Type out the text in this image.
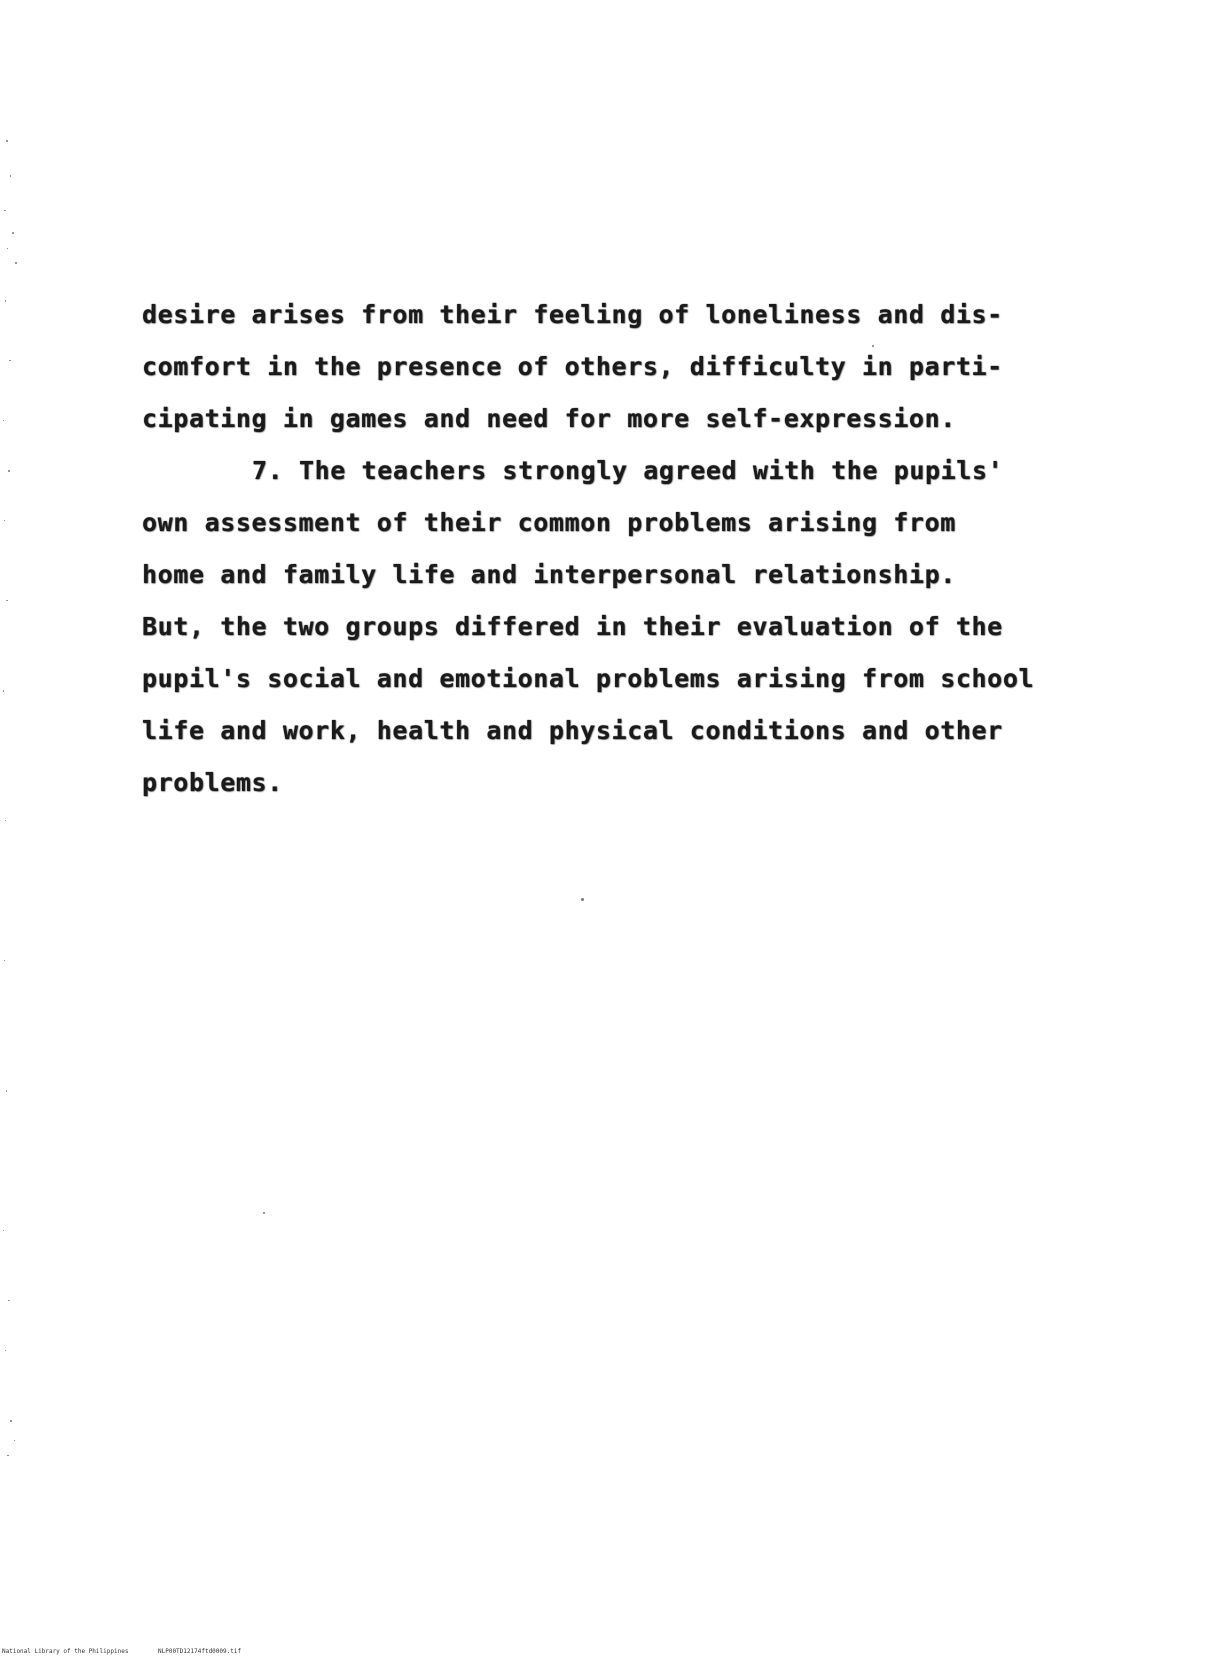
desire arises from their feeling of loneliness and dis-
comfort in the presence of others, difficulty in parti-
cipating in games and need for more self-expression.
7. The teachers strongly agreed with the pupils'
own assessment of their common problems arising from
home and family life and interpersonal relationship.
But, the two groups differed in their evaluation of the
pupil's social and emotional problems arising from school
life and work, health and physical conditions and other
problems.

National Library of the Philippines

	NLP00TD12174ftd0009.tif
